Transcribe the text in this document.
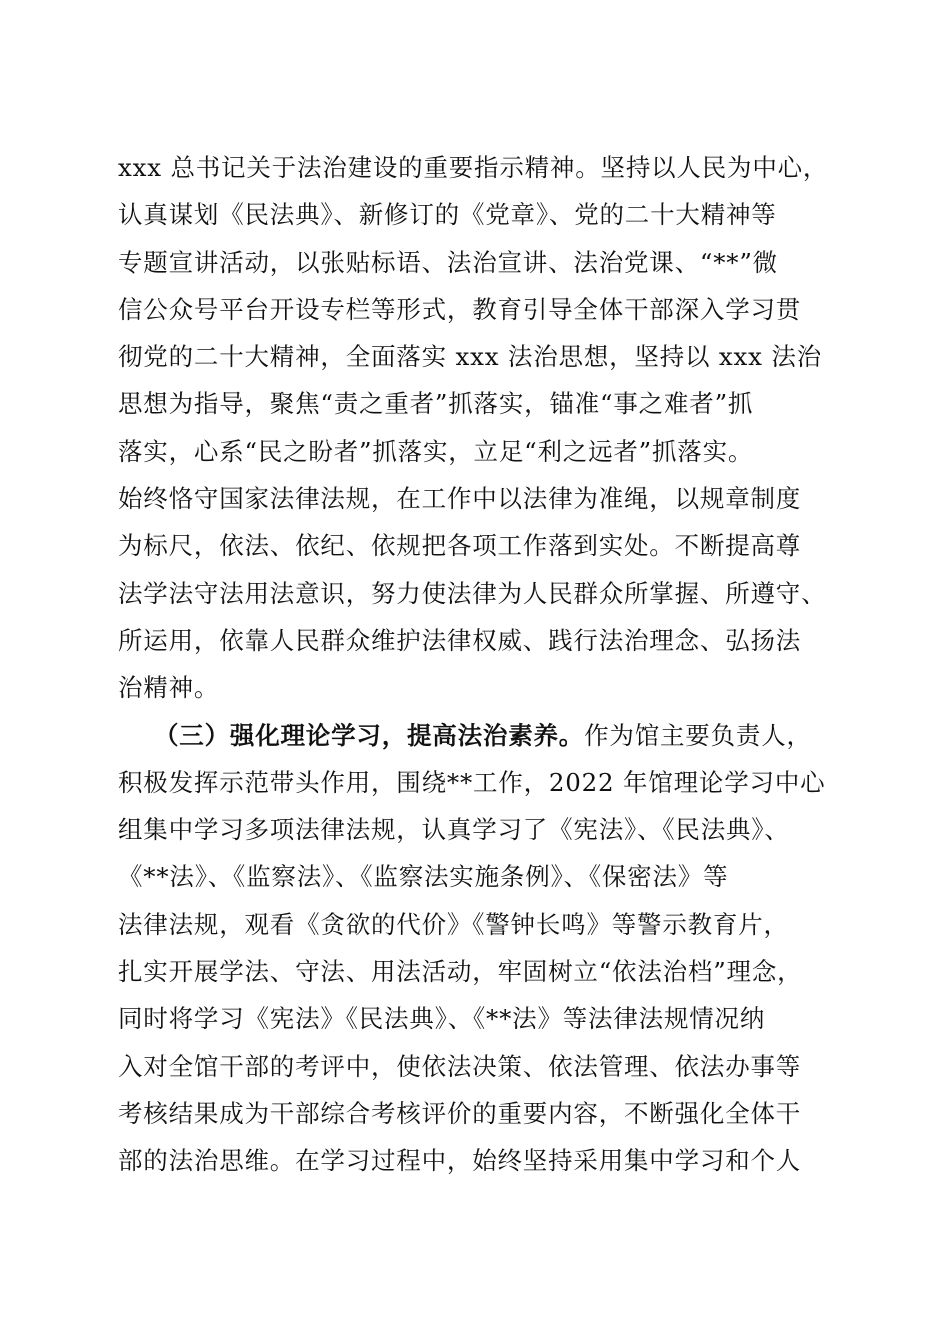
xxx 总书记关于法治建设的重要指示精神。坚持以人民为中心，
认真谋划《民法典》、新修订的《党章》、党的二十大精神等
专题宣讲活动，以张贴标语、法治宣讲、法治党课、“**”微
信公众号平台开设专栏等形式，教育引导全体干部深入学习贯
彻党的二十大精神，全面落实 xxx 法治思想，坚持以 xxx 法治
思想为指导，聚焦“责之重者”抓落实，锚准“事之难者”抓
落实，心系“民之盼者”抓落实，立足“利之远者”抓落实。
始终恪守国家法律法规，在工作中以法律为准绳，以规章制度
为标尺，依法、依纪、依规把各项工作落到实处。不断提高尊
法学法守法用法意识，努力使法律为人民群众所掌握、所遵守、
所运用，依靠人民群众维护法律权威、践行法治理念、弘扬法
治精神。
（三）强化理论学习，提高法治素养。作为馆主要负责人，
积极发挥示范带头作用，围绕**工作，2022 年馆理论学习中心
组集中学习多项法律法规，认真学习了《宪法》、《民法典》、
《**法》、《监察法》、《监察法实施条例》、《保密法》等
法律法规，观看《贪欲的代价》《警钟长鸣》等警示教育片，
扎实开展学法、守法、用法活动，牢固树立“依法治档”理念，
同时将学习《宪法》《民法典》、《**法》等法律法规情况纳
入对全馆干部的考评中，使依法决策、依法管理、依法办事等
考核结果成为干部综合考核评价的重要内容，不断强化全体干
部的法治思维。在学习过程中，始终坚持采用集中学习和个人
